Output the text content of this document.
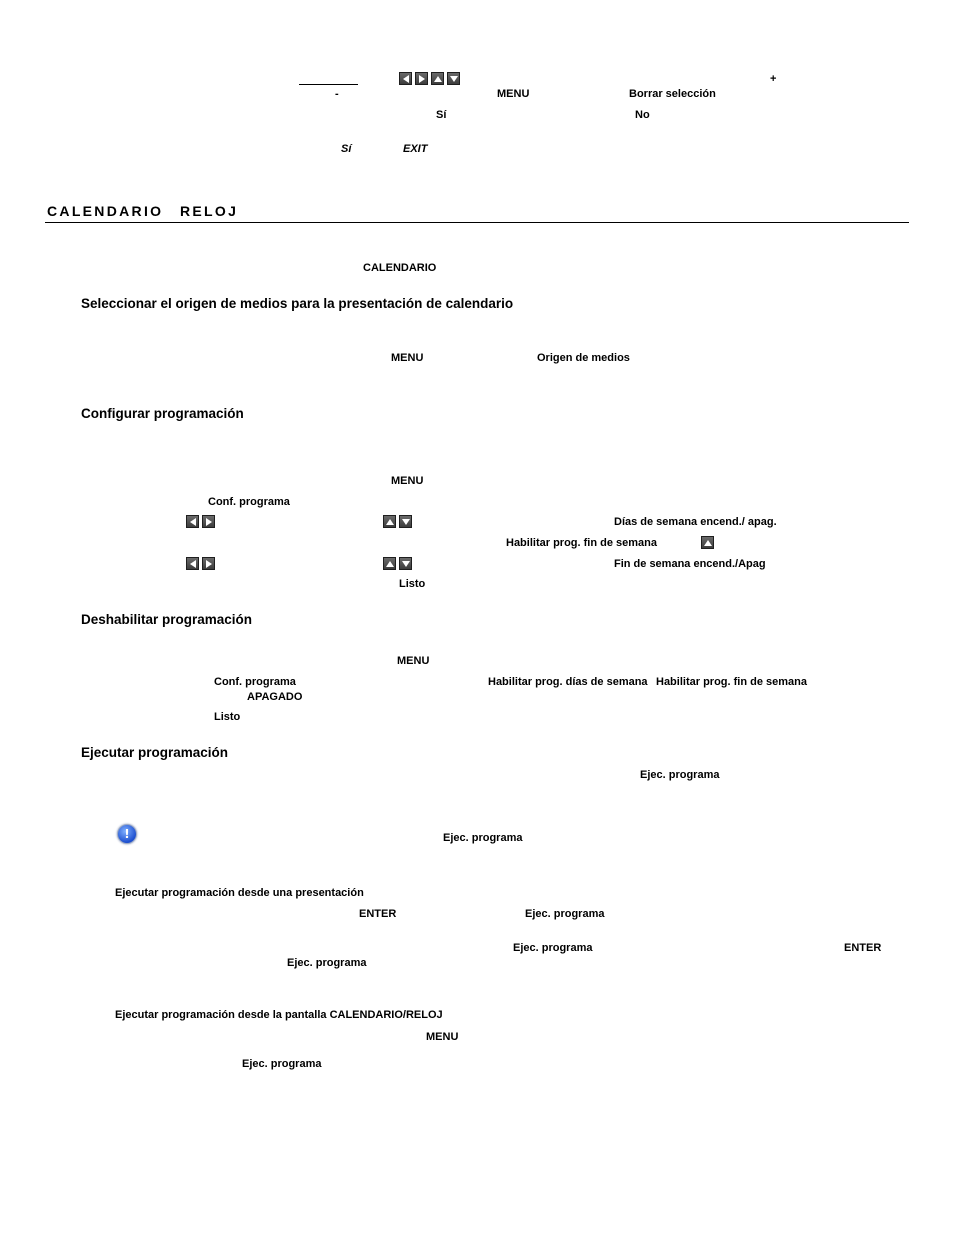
+
-	MENU	Borrar selección
Sí	No
Sí	EXIT
CALENDARIO RELOJ
CALENDARIO
Seleccionar el origen de medios para la presentación de calendario
MENU	Origen de medios
Configurar programación
MENU
Conf. programa
Días de semana encend./ apag.
Habilitar prog. fin de semana
Fin de semana encend./Apag
Listo
Deshabilitar programación
MENU
Conf. programa	Habilitar prog. días de semana Habilitar prog. fin de semana
APAGADO
Listo
Ejecutar programación
Ejec. programa
!	Ejec. programa
Ejecutar programación desde una presentación
ENTER	Ejec. programa
Ejec. programa	ENTER
Ejec. programa
Ejecutar programación desde la pantalla CALENDARIO/RELOJ
MENU
Ejec. programa
